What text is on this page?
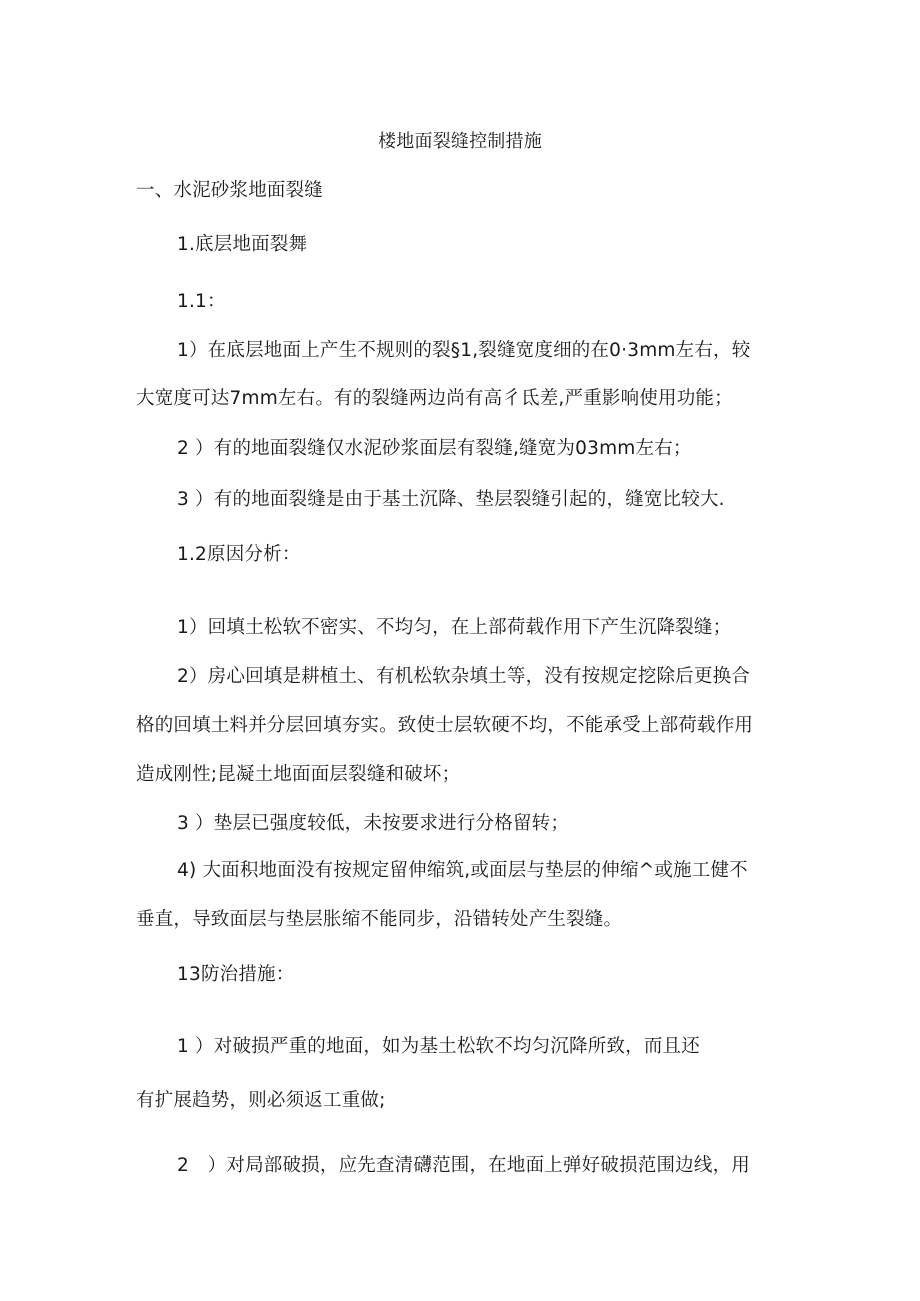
楼地面裂缝控制措施

一、水泥砂浆地面裂缝

1.底层地面裂舞

1.1：

1）在底层地面上产生不规则的裂§1,裂缝宽度细的在0·3mm左右，较

大宽度可达7mm左右。有的裂缝两边尚有高彳氐差,严重影响使用功能；

2 ）有的地面裂缝仅水泥砂浆面层有裂缝,缝宽为03mm左右；

3 ）有的地面裂缝是由于基土沉降、垫层裂缝引起的，缝宽比较大.

1.2原因分析：

1）回填土松软不密实、不均匀，在上部荷载作用下产生沉降裂缝；

2）房心回填是耕植土、有机松软杂填土等，没有按规定挖除后更换合

格的回填土料并分层回填夯实。致使士层软硬不均，不能承受上部荷载作用

造成刚性;昆凝土地面面层裂缝和破坏；

3 ）垫层已强度较低，未按要求进行分格留转；

4) 大面积地面没有按规定留伸缩筑,或面层与垫层的伸缩^或施工健不

垂直，导致面层与垫层胀缩不能同步，沿错转处产生裂缝。

13防治措施：

1 ）对破损严重的地面，如为基土松软不均匀沉降所致，而且还

有扩展趋势，则必须返工重做;

2　）对局部破损，应先查清礴范围，在地面上弹好破损范围边线，用
